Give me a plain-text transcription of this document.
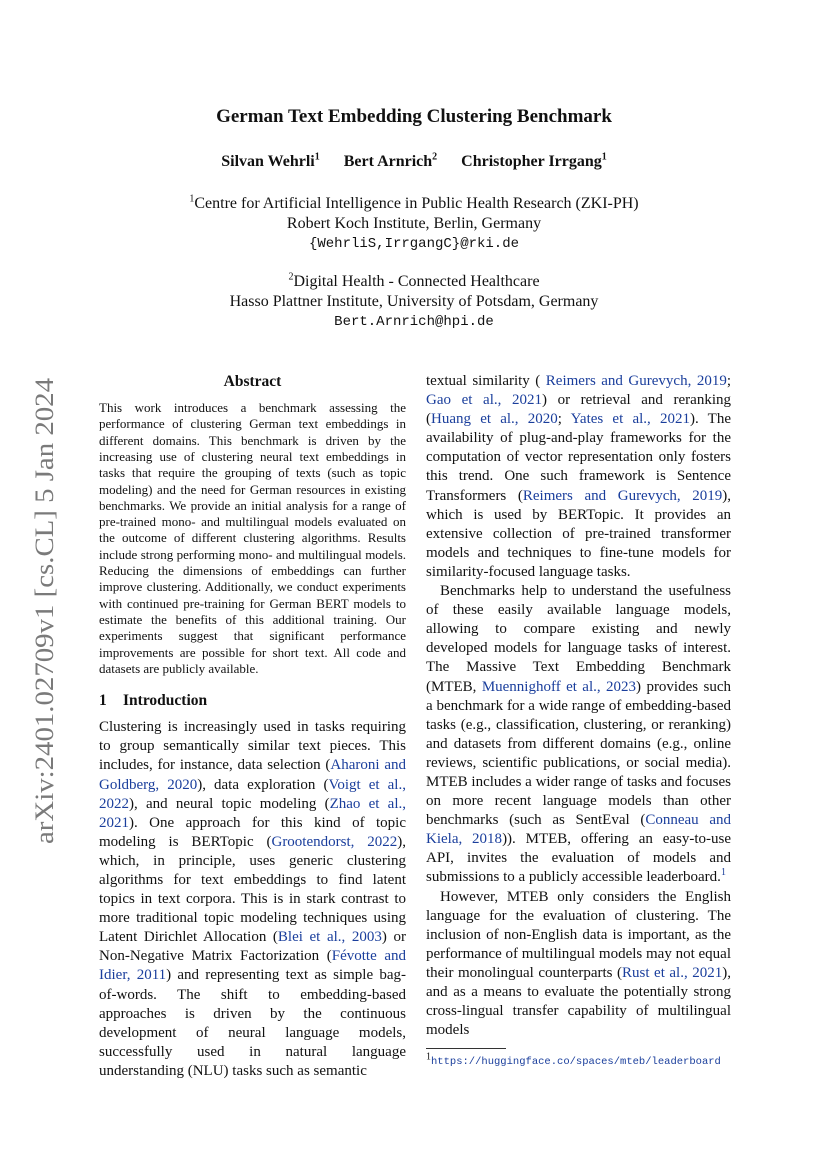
arXiv:2401.02709v1 [cs.CL] 5 Jan 2024
German Text Embedding Clustering Benchmark
Silvan Wehrli$^1$ Bert Arnrich$^2$ Christopher Irrgang$^1$
$^1$Centre for Artificial Intelligence in Public Health Research (ZKI-PH)
Robert Koch Institute, Berlin, Germany
{WehrliS,IrrgangC}@rki.de
$^2$Digital Health - Connected Healthcare
Hasso Plattner Institute, University of Potsdam, Germany
Bert.Arnrich@hpi.de
Abstract

This work introduces a benchmark assessing the performance of clustering German text embeddings in different domains. This benchmark is driven by the increasing use of clustering neural text embeddings in tasks that require the grouping of texts (such as topic modeling) and the need for German resources in existing benchmarks. We provide an initial analysis for a range of pre-trained mono- and multilingual models evaluated on the outcome of different clustering algorithms. Results include strong performing mono- and multilingual models. Reducing the dimensions of embeddings can further improve clustering. Additionally, we conduct experiments with continued pre-training for German BERT models to estimate the benefits of this additional training. Our experiments suggest that significant performance improvements are possible for short text. All code and datasets are publicly available.

1 Introduction

Clustering is increasingly used in tasks requiring to group semantically similar text pieces. This includes, for instance, data selection (Aharoni and Goldberg, 2020), data exploration (Voigt et al., 2022), and neural topic modeling (Zhao et al., 2021). One approach for this kind of topic modeling is BERTopic (Grootendorst, 2022), which, in principle, uses generic clustering algorithms for text embeddings to find latent topics in text corpora. This is in stark contrast to more traditional topic modeling techniques using Latent Dirichlet Allocation (Blei et al., 2003) or Non-Negative Matrix Factorization (Févotte and Idier, 2011) and representing text as simple bag-of-words. The shift to embedding-based approaches is driven by the continuous development of neural language models, successfully used in natural language understanding (NLU) tasks such as semantic

textual similarity ( Reimers and Gurevych, 2019; Gao et al., 2021) or retrieval and reranking (Huang et al., 2020; Yates et al., 2021). The availability of plug-and-play frameworks for the computation of vector representation only fosters this trend. One such framework is Sentence Transformers (Reimers and Gurevych, 2019), which is used by BERTopic. It provides an extensive collection of pre-trained transformer models and techniques to fine-tune models for similarity-focused language tasks.

Benchmarks help to understand the usefulness of these easily available language models, allowing to compare existing and newly developed models for language tasks of interest. The Massive Text Embedding Benchmark (MTEB, Muennighoff et al., 2023) provides such a benchmark for a wide range of embedding-based tasks (e.g., classification, clustering, or reranking) and datasets from different domains (e.g., online reviews, scientific publications, or social media). MTEB includes a wider range of tasks and focuses on more recent language models than other benchmarks (such as SentEval (Conneau and Kiela, 2018)). MTEB, offering an easy-to-use API, invites the evaluation of models and submissions to a publicly accessible leaderboard.$^1$

However, MTEB only considers the English language for the evaluation of clustering. The inclusion of non-English data is important, as the performance of multilingual models may not equal their monolingual counterparts (Rust et al., 2021), and as a means to evaluate the potentially strong cross-lingual transfer capability of multilingual models

$^1$https://huggingface.co/spaces/mteb/leaderboard
